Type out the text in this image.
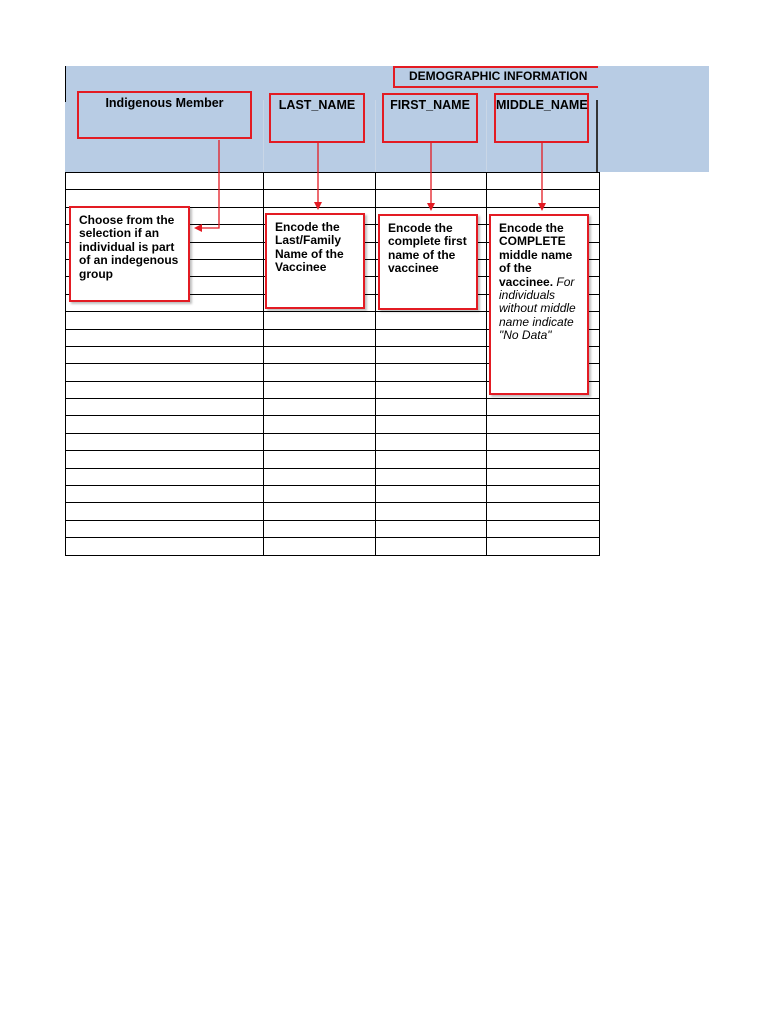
DEMOGRAPHIC INFORMATION
Indigenous Member	LAST_NAME	FIRST_NAME	MIDDLE_NAME

Choose from the selection if an individual is part of an indegenous group
Encode the Last/Family Name of the Vaccinee
Encode the complete first name of the vaccinee
Encode the COMPLETE middle name of the vaccinee. For individuals without middle name indicate "No Data"
